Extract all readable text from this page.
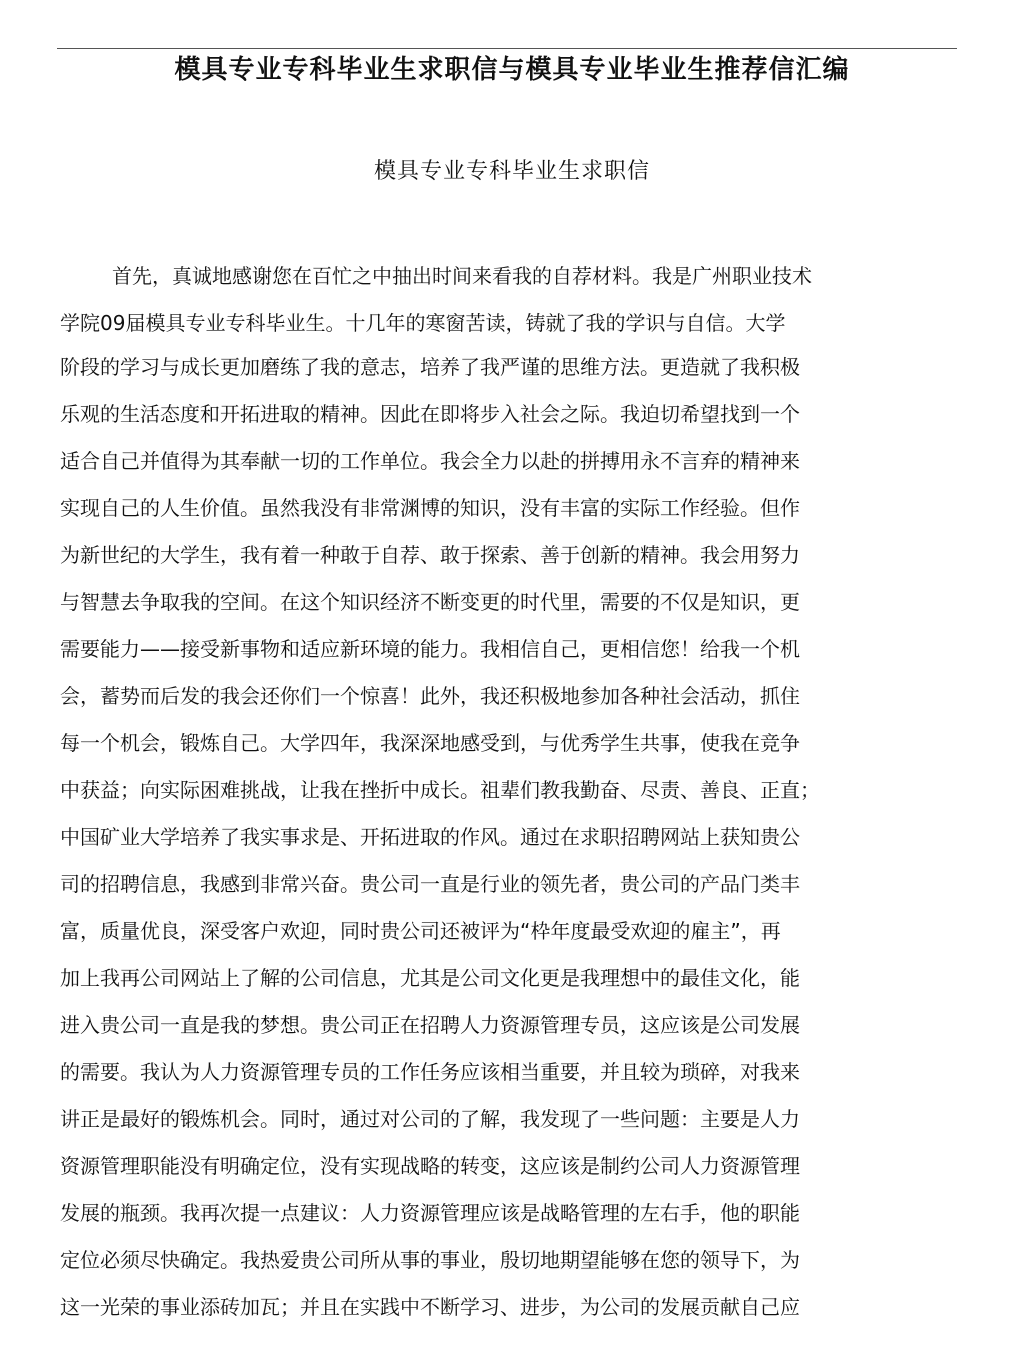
模具专业专科毕业生求职信与模具专业毕业生推荐信汇编
模具专业专科毕业生求职信
首先，真诚地感谢您在百忙之中抽出时间来看我的自荐材料。我是广州职业技术
学院09届模具专业专科毕业生。十几年的寒窗苦读，铸就了我的学识与自信。大学
阶段的学习与成长更加磨练了我的意志，培养了我严谨的思维方法。更造就了我积极
乐观的生活态度和开拓进取的精神。因此在即将步入社会之际。我迫切希望找到一个
适合自己并值得为其奉献一切的工作单位。我会全力以赴的拼搏用永不言弃的精神来
实现自己的人生价值。虽然我没有非常渊博的知识，没有丰富的实际工作经验。但作
为新世纪的大学生，我有着一种敢于自荐、敢于探索、善于创新的精神。我会用努力
与智慧去争取我的空间。在这个知识经济不断变更的时代里，需要的不仅是知识，更
需要能力——接受新事物和适应新环境的能力。我相信自己，更相信您！给我一个机
会，蓄势而后发的我会还你们一个惊喜！此外，我还积极地参加各种社会活动，抓住
每一个机会，锻炼自己。大学四年，我深深地感受到，与优秀学生共事，使我在竞争
中获益；向实际困难挑战，让我在挫折中成长。祖辈们教我勤奋、尽责、善良、正直；
中国矿业大学培养了我实事求是、开拓进取的作风。通过在求职招聘网站上获知贵公
司的招聘信息，我感到非常兴奋。贵公司一直是行业的领先者，贵公司的产品门类丰
富，质量优良，深受客户欢迎，同时贵公司还被评为“枠年度最受欢迎的雇主”，再
加上我再公司网站上了解的公司信息，尤其是公司文化更是我理想中的最佳文化，能
进入贵公司一直是我的梦想。贵公司正在招聘人力资源管理专员，这应该是公司发展
的需要。我认为人力资源管理专员的工作任务应该相当重要，并且较为琐碎，对我来
讲正是最好的锻炼机会。同时，通过对公司的了解，我发现了一些问题：主要是人力
资源管理职能没有明确定位，没有实现战略的转变，这应该是制约公司人力资源管理
发展的瓶颈。我再次提一点建议：人力资源管理应该是战略管理的左右手，他的职能
定位必须尽快确定。我热爱贵公司所从事的事业，殷切地期望能够在您的领导下，为
这一光荣的事业添砖加瓦；并且在实践中不断学习、进步，为公司的发展贡献自己应
